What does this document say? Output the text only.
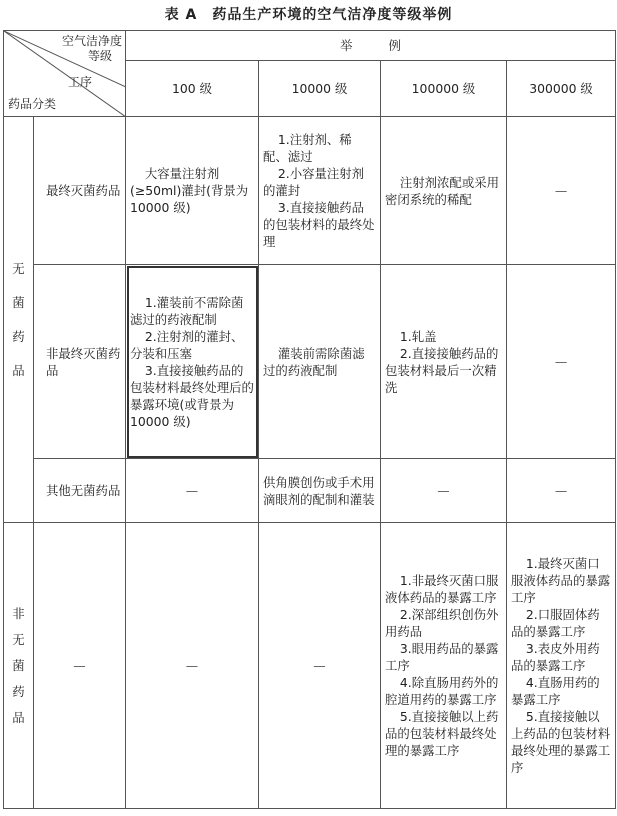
表 A　药品生产环境的空气洁净度等级举例
空气洁净度
等级
工序
药品分类		举例			
		100 级	10000 级	100000 级	300000 级
无菌药品	最终灭菌药品	大容量注射剂(≥50ml)灌封(背景为 10000 级)	1.注射剂、稀配、滤过
2.小容量注射剂的灌封
3.直接接触药品的包装材料的最终处理	注射剂浓配或采用密闭系统的稀配	—
	非最终灭菌药品	1.灌装前不需除菌滤过的药液配制
2.注射剂的灌封、分装和压塞
3.直接接触药品的包装材料最终处理后的暴露环境(或背景为 10000 级)	灌装前需除菌滤过的药液配制	1.轧盖
2.直接接触药品的包装材料最后一次精洗	—
	其他无菌药品	—	供角膜创伤或手术用滴眼剂的配制和灌装	—	—
非无菌药品	—	—	—	1.非最终灭菌口服液体药品的暴露工序
2.深部组织创伤外用药品
3.眼用药品的暴露工序
4.除直肠用药外的腔道用药的暴露工序
5.直接接触以上药品的包装材料最终处理的暴露工序	1.最终灭菌口服液体药品的暴露工序
2.口服固体药品的暴露工序
3.表皮外用药品的暴露工序
4.直肠用药的暴露工序
5.直接接触以上药品的包装材料最终处理的暴露工序
